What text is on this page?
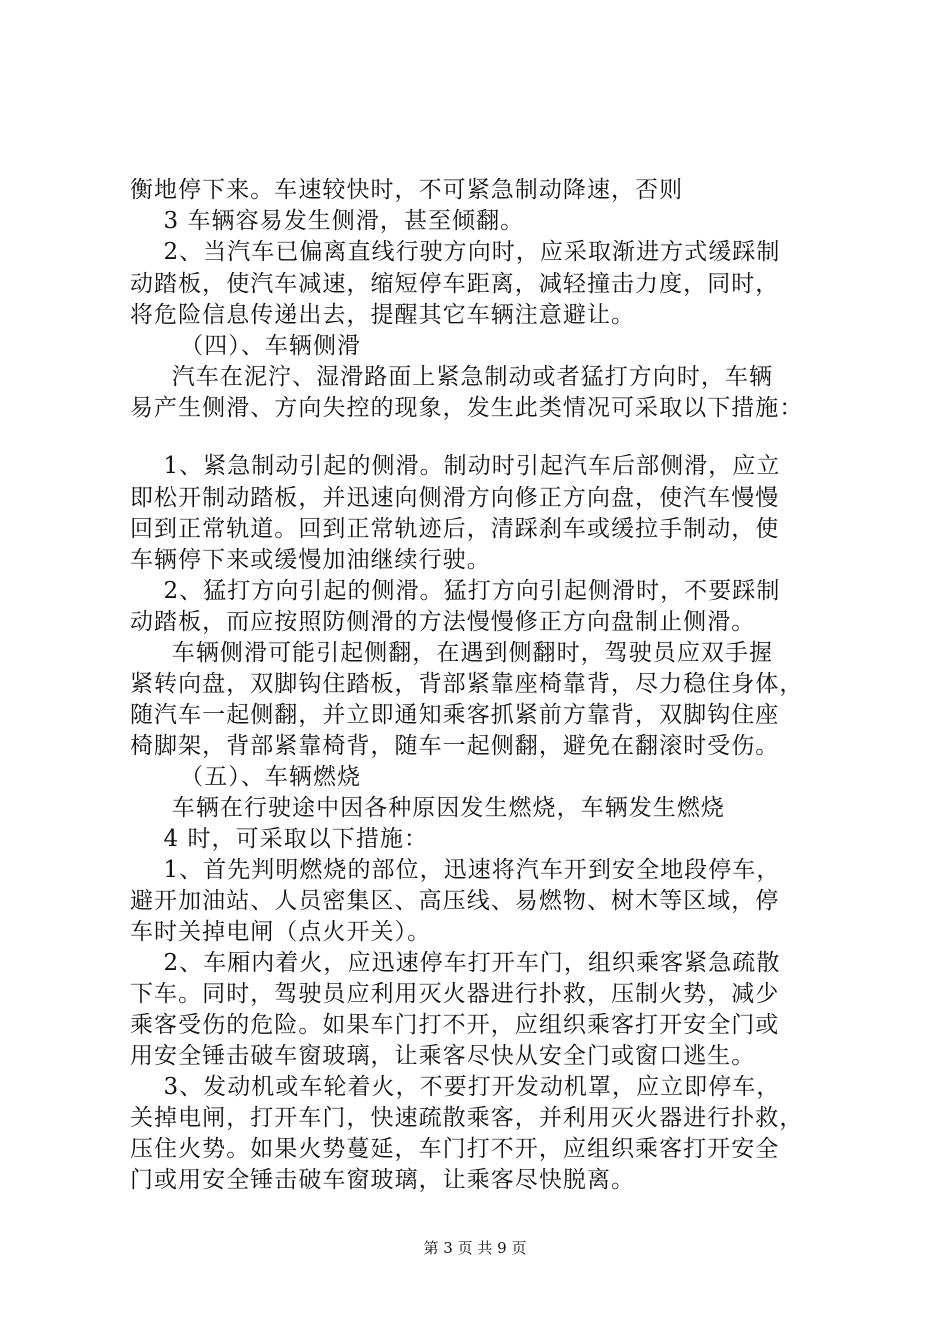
衡地停下来。车速较快时，不可紧急制动降速，否则
3 车辆容易发生侧滑，甚至倾翻。
2、当汽车已偏离直线行驶方向时，应采取渐进方式缓踩制
动踏板，使汽车减速，缩短停车距离，减轻撞击力度，同时，
将危险信息传递出去，提醒其它车辆注意避让。
（四）、车辆侧滑
汽车在泥泞、湿滑路面上紧急制动或者猛打方向时，车辆
易产生侧滑、方向失控的现象，发生此类情况可采取以下措施：
1、紧急制动引起的侧滑。制动时引起汽车后部侧滑，应立
即松开制动踏板，并迅速向侧滑方向修正方向盘，使汽车慢慢
回到正常轨道。回到正常轨迹后，清踩刹车或缓拉手制动，使
车辆停下来或缓慢加油继续行驶。
2、猛打方向引起的侧滑。猛打方向引起侧滑时，不要踩制
动踏板，而应按照防侧滑的方法慢慢修正方向盘制止侧滑。
车辆侧滑可能引起侧翻，在遇到侧翻时，驾驶员应双手握
紧转向盘，双脚钩住踏板，背部紧靠座椅靠背，尽力稳住身体，
随汽车一起侧翻，并立即通知乘客抓紧前方靠背，双脚钩住座
椅脚架，背部紧靠椅背，随车一起侧翻，避免在翻滚时受伤。
（五）、车辆燃烧
车辆在行驶途中因各种原因发生燃烧，车辆发生燃烧
4 时，可采取以下措施：
1、首先判明燃烧的部位，迅速将汽车开到安全地段停车，
避开加油站、人员密集区、高压线、易燃物、树木等区域，停
车时关掉电闸（点火开关）。
2、车厢内着火，应迅速停车打开车门，组织乘客紧急疏散
下车。同时，驾驶员应利用灭火器进行扑救，压制火势，减少
乘客受伤的危险。如果车门打不开，应组织乘客打开安全门或
用安全锤击破车窗玻璃，让乘客尽快从安全门或窗口逃生。
3、发动机或车轮着火，不要打开发动机罩，应立即停车，
关掉电闸，打开车门，快速疏散乘客，并利用灭火器进行扑救，
压住火势。如果火势蔓延，车门打不开，应组织乘客打开安全
门或用安全锤击破车窗玻璃，让乘客尽快脱离。
第 3 页 共 9 页
